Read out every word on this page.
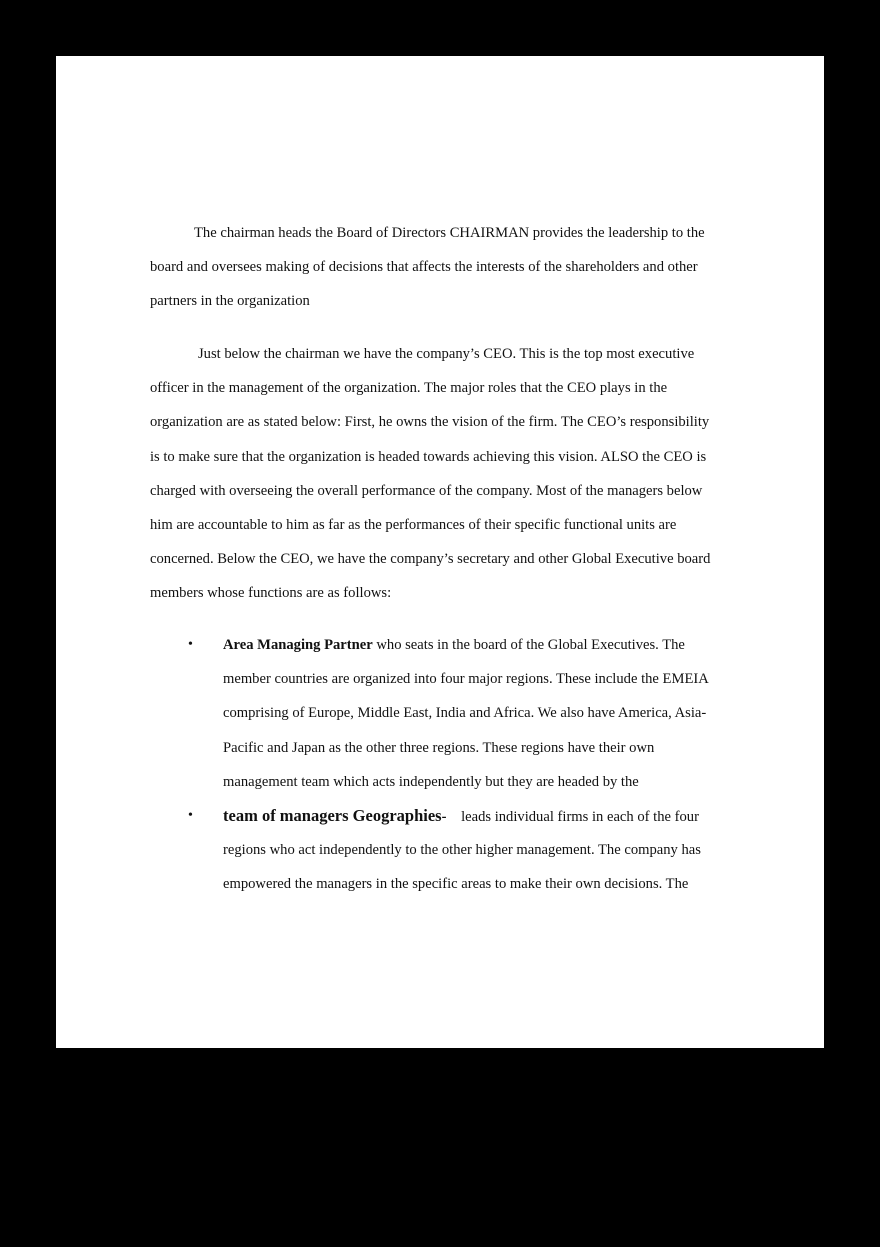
The chairman heads the Board of Directors CHAIRMAN provides the leadership to the
board and oversees making of decisions that affects the interests of the shareholders and other
partners in the organization
Just below the chairman we have the company’s CEO. This is the top most executive
officer in the management of the organization. The major roles that the CEO plays in the
organization are as stated below: First, he owns the vision of the firm. The CEO’s responsibility
is to make sure that the organization is headed towards achieving this vision. ALSO the CEO is
charged with overseeing the overall performance of the company. Most of the managers below
him are accountable to him as far as the performances of their specific functional units are
concerned. Below the CEO, we have the company’s secretary and other Global Executive board
members whose functions are as follows:
• Area Managing Partner who seats in the board of the Global Executives. The
member countries are organized into four major regions. These include the EMEIA
comprising of Europe, Middle East, India and Africa. We also have America, Asia-
Pacific and Japan as the other three regions. These regions have their own
management team which acts independently but they are headed by the
• team of managers Geographies-    leads individual firms in each of the four
regions who act independently to the other higher management. The company has
empowered the managers in the specific areas to make their own decisions. The
